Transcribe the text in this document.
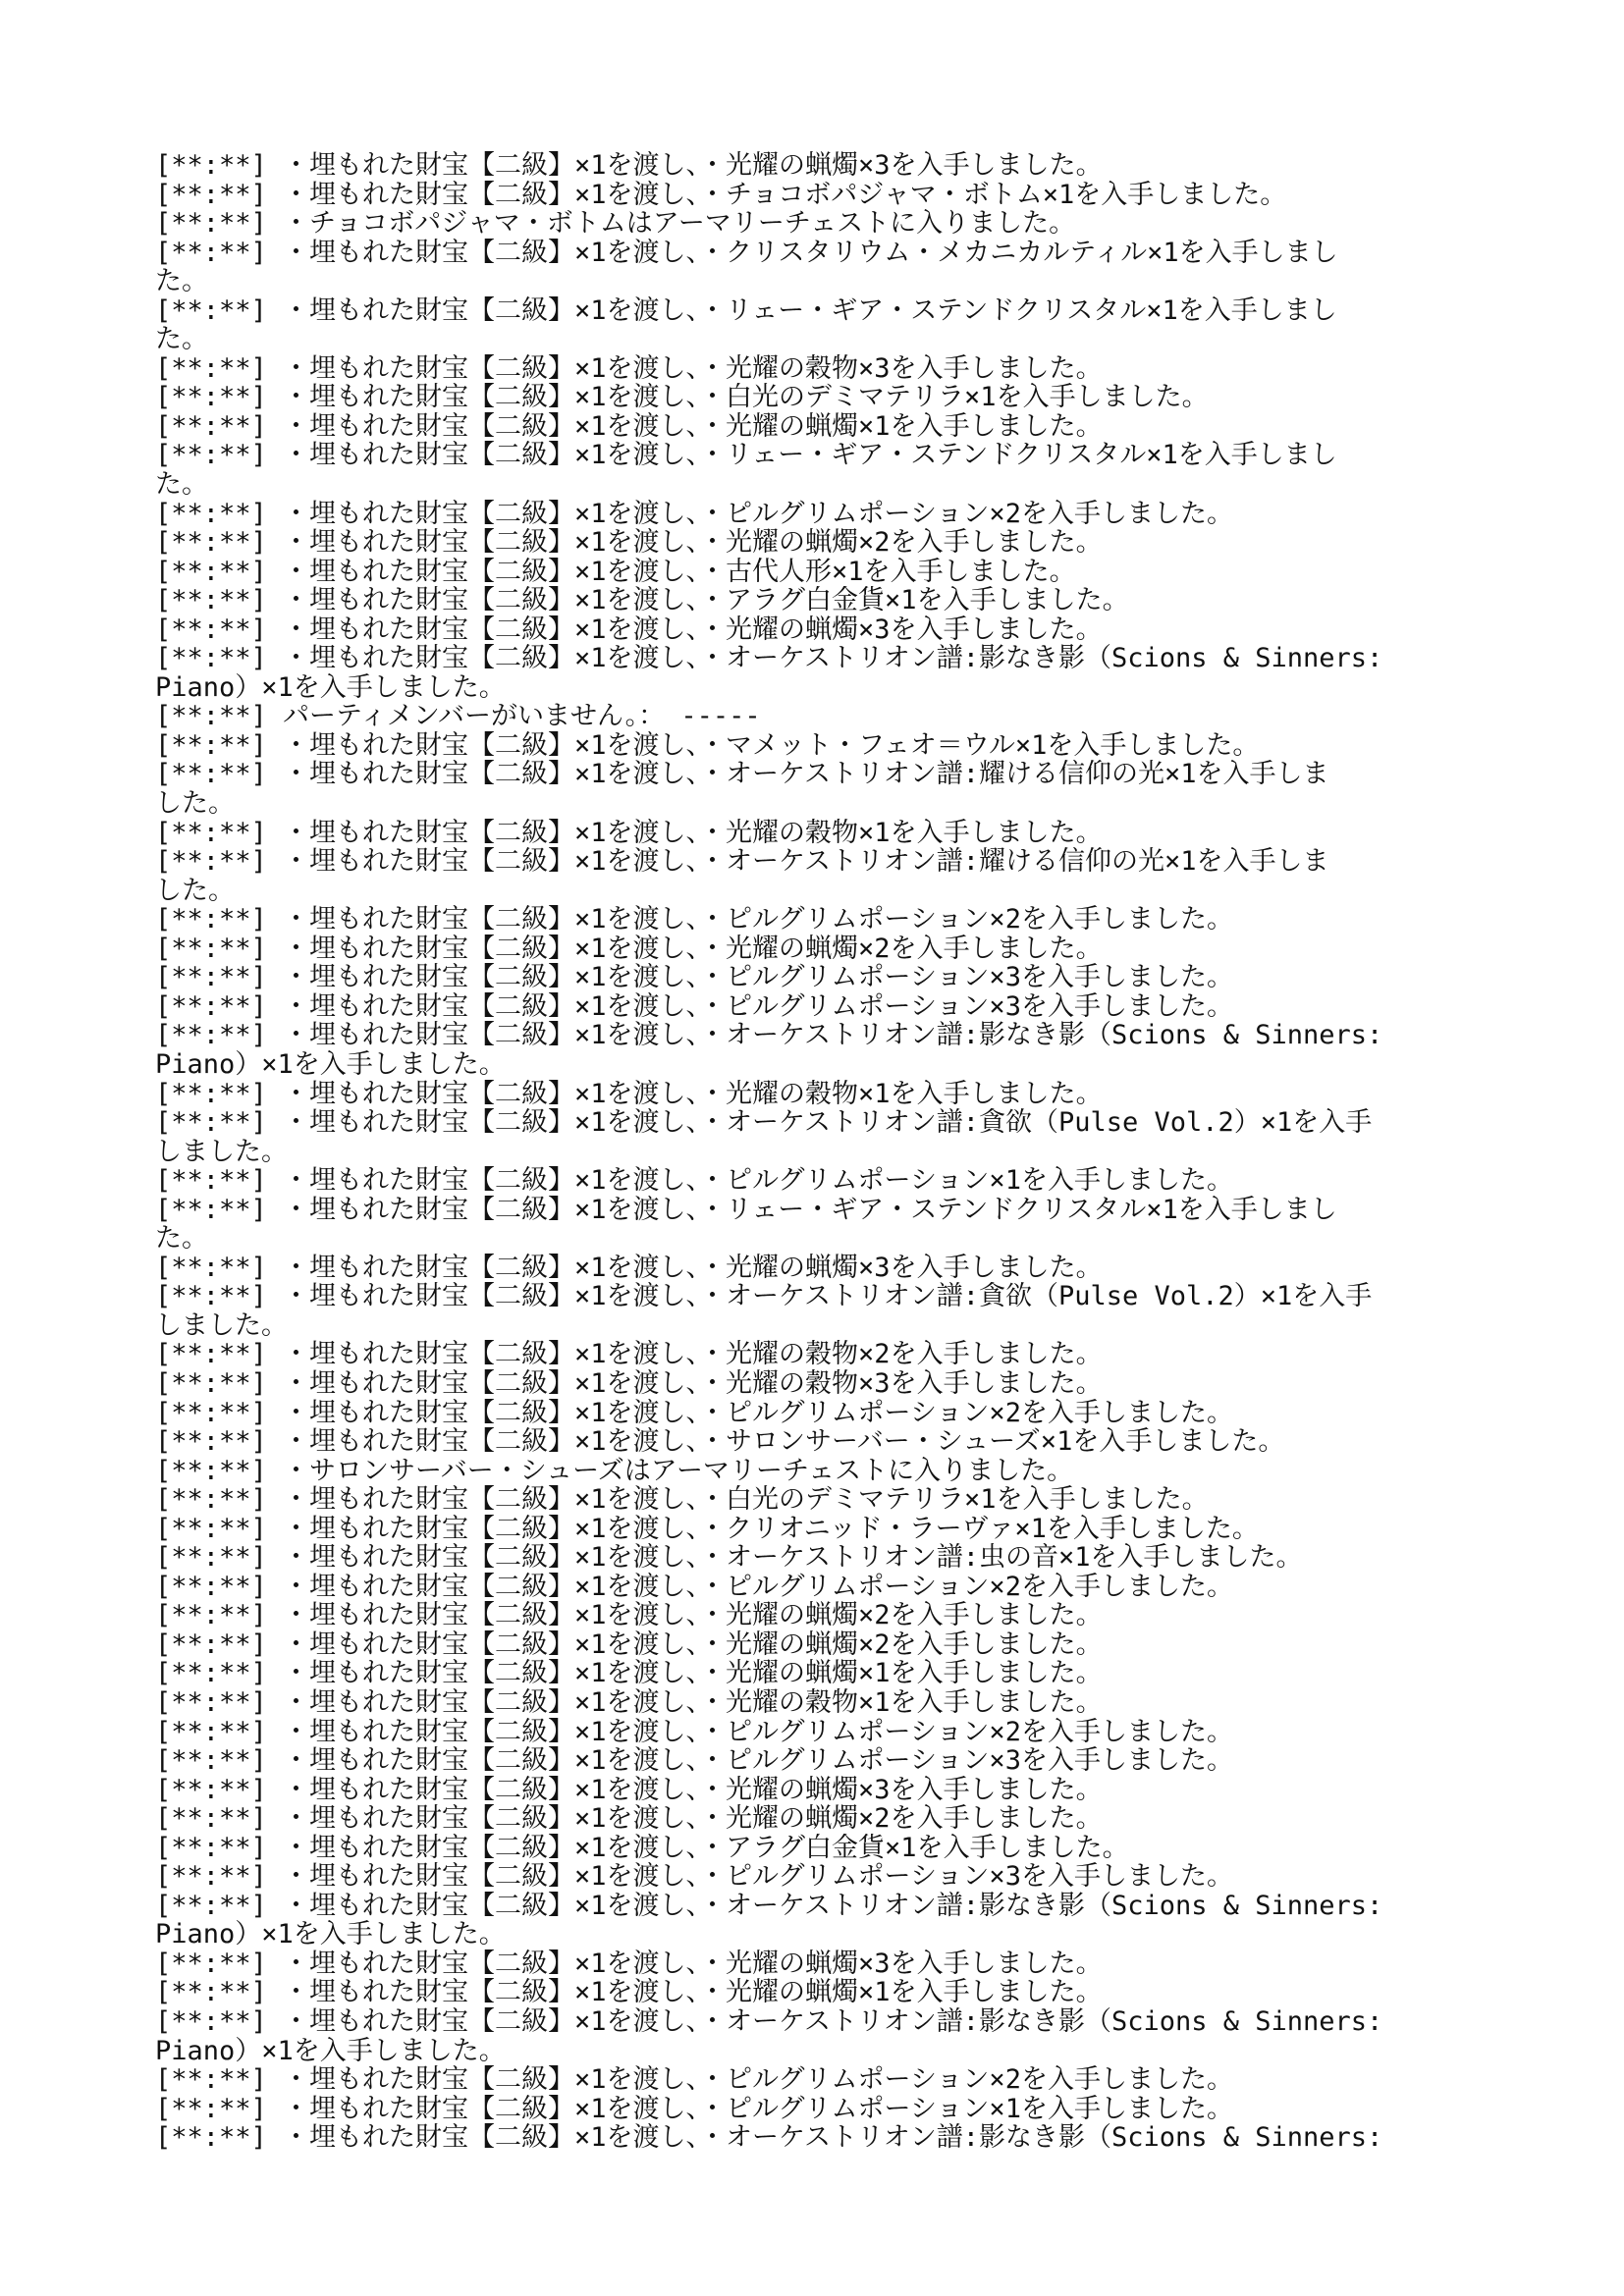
[**:**] ・埋もれた財宝【二級】×1を渡し、・光耀の蝋燭×3を入手しました。
[**:**] ・埋もれた財宝【二級】×1を渡し、・チョコボパジャマ・ボトム×1を入手しました。
[**:**] ・チョコボパジャマ・ボトムはアーマリーチェストに入りました。
[**:**] ・埋もれた財宝【二級】×1を渡し、・クリスタリウム・メカニカルティル×1を入手しまし
た。
[**:**] ・埋もれた財宝【二級】×1を渡し、・リェー・ギア・ステンドクリスタル×1を入手しまし
た。
[**:**] ・埋もれた財宝【二級】×1を渡し、・光耀の穀物×3を入手しました。
[**:**] ・埋もれた財宝【二級】×1を渡し、・白光のデミマテリラ×1を入手しました。
[**:**] ・埋もれた財宝【二級】×1を渡し、・光耀の蝋燭×1を入手しました。
[**:**] ・埋もれた財宝【二級】×1を渡し、・リェー・ギア・ステンドクリスタル×1を入手しまし
た。
[**:**] ・埋もれた財宝【二級】×1を渡し、・ピルグリムポーション×2を入手しました。
[**:**] ・埋もれた財宝【二級】×1を渡し、・光耀の蝋燭×2を入手しました。
[**:**] ・埋もれた財宝【二級】×1を渡し、・古代人形×1を入手しました。
[**:**] ・埋もれた財宝【二級】×1を渡し、・アラグ白金貨×1を入手しました。
[**:**] ・埋もれた財宝【二級】×1を渡し、・光耀の蝋燭×3を入手しました。
[**:**] ・埋もれた財宝【二級】×1を渡し、・オーケストリオン譜:影なき影（Scions & Sinners:
Piano）×1を入手しました。
[**:**] パーティメンバーがいません。： -----
[**:**] ・埋もれた財宝【二級】×1を渡し、・マメット・フェオ＝ウル×1を入手しました。
[**:**] ・埋もれた財宝【二級】×1を渡し、・オーケストリオン譜:耀ける信仰の光×1を入手しま
した。
[**:**] ・埋もれた財宝【二級】×1を渡し、・光耀の穀物×1を入手しました。
[**:**] ・埋もれた財宝【二級】×1を渡し、・オーケストリオン譜:耀ける信仰の光×1を入手しま
した。
[**:**] ・埋もれた財宝【二級】×1を渡し、・ピルグリムポーション×2を入手しました。
[**:**] ・埋もれた財宝【二級】×1を渡し、・光耀の蝋燭×2を入手しました。
[**:**] ・埋もれた財宝【二級】×1を渡し、・ピルグリムポーション×3を入手しました。
[**:**] ・埋もれた財宝【二級】×1を渡し、・ピルグリムポーション×3を入手しました。
[**:**] ・埋もれた財宝【二級】×1を渡し、・オーケストリオン譜:影なき影（Scions & Sinners:
Piano）×1を入手しました。
[**:**] ・埋もれた財宝【二級】×1を渡し、・光耀の穀物×1を入手しました。
[**:**] ・埋もれた財宝【二級】×1を渡し、・オーケストリオン譜:貪欲（Pulse Vol.2）×1を入手
しました。
[**:**] ・埋もれた財宝【二級】×1を渡し、・ピルグリムポーション×1を入手しました。
[**:**] ・埋もれた財宝【二級】×1を渡し、・リェー・ギア・ステンドクリスタル×1を入手しまし
た。
[**:**] ・埋もれた財宝【二級】×1を渡し、・光耀の蝋燭×3を入手しました。
[**:**] ・埋もれた財宝【二級】×1を渡し、・オーケストリオン譜:貪欲（Pulse Vol.2）×1を入手
しました。
[**:**] ・埋もれた財宝【二級】×1を渡し、・光耀の穀物×2を入手しました。
[**:**] ・埋もれた財宝【二級】×1を渡し、・光耀の穀物×3を入手しました。
[**:**] ・埋もれた財宝【二級】×1を渡し、・ピルグリムポーション×2を入手しました。
[**:**] ・埋もれた財宝【二級】×1を渡し、・サロンサーバー・シューズ×1を入手しました。
[**:**] ・サロンサーバー・シューズはアーマリーチェストに入りました。
[**:**] ・埋もれた財宝【二級】×1を渡し、・白光のデミマテリラ×1を入手しました。
[**:**] ・埋もれた財宝【二級】×1を渡し、・クリオニッド・ラーヴァ×1を入手しました。
[**:**] ・埋もれた財宝【二級】×1を渡し、・オーケストリオン譜:虫の音×1を入手しました。
[**:**] ・埋もれた財宝【二級】×1を渡し、・ピルグリムポーション×2を入手しました。
[**:**] ・埋もれた財宝【二級】×1を渡し、・光耀の蝋燭×2を入手しました。
[**:**] ・埋もれた財宝【二級】×1を渡し、・光耀の蝋燭×2を入手しました。
[**:**] ・埋もれた財宝【二級】×1を渡し、・光耀の蝋燭×1を入手しました。
[**:**] ・埋もれた財宝【二級】×1を渡し、・光耀の穀物×1を入手しました。
[**:**] ・埋もれた財宝【二級】×1を渡し、・ピルグリムポーション×2を入手しました。
[**:**] ・埋もれた財宝【二級】×1を渡し、・ピルグリムポーション×3を入手しました。
[**:**] ・埋もれた財宝【二級】×1を渡し、・光耀の蝋燭×3を入手しました。
[**:**] ・埋もれた財宝【二級】×1を渡し、・光耀の蝋燭×2を入手しました。
[**:**] ・埋もれた財宝【二級】×1を渡し、・アラグ白金貨×1を入手しました。
[**:**] ・埋もれた財宝【二級】×1を渡し、・ピルグリムポーション×3を入手しました。
[**:**] ・埋もれた財宝【二級】×1を渡し、・オーケストリオン譜:影なき影（Scions & Sinners:
Piano）×1を入手しました。
[**:**] ・埋もれた財宝【二級】×1を渡し、・光耀の蝋燭×3を入手しました。
[**:**] ・埋もれた財宝【二級】×1を渡し、・光耀の蝋燭×1を入手しました。
[**:**] ・埋もれた財宝【二級】×1を渡し、・オーケストリオン譜:影なき影（Scions & Sinners:
Piano）×1を入手しました。
[**:**] ・埋もれた財宝【二級】×1を渡し、・ピルグリムポーション×2を入手しました。
[**:**] ・埋もれた財宝【二級】×1を渡し、・ピルグリムポーション×1を入手しました。
[**:**] ・埋もれた財宝【二級】×1を渡し、・オーケストリオン譜:影なき影（Scions & Sinners:
